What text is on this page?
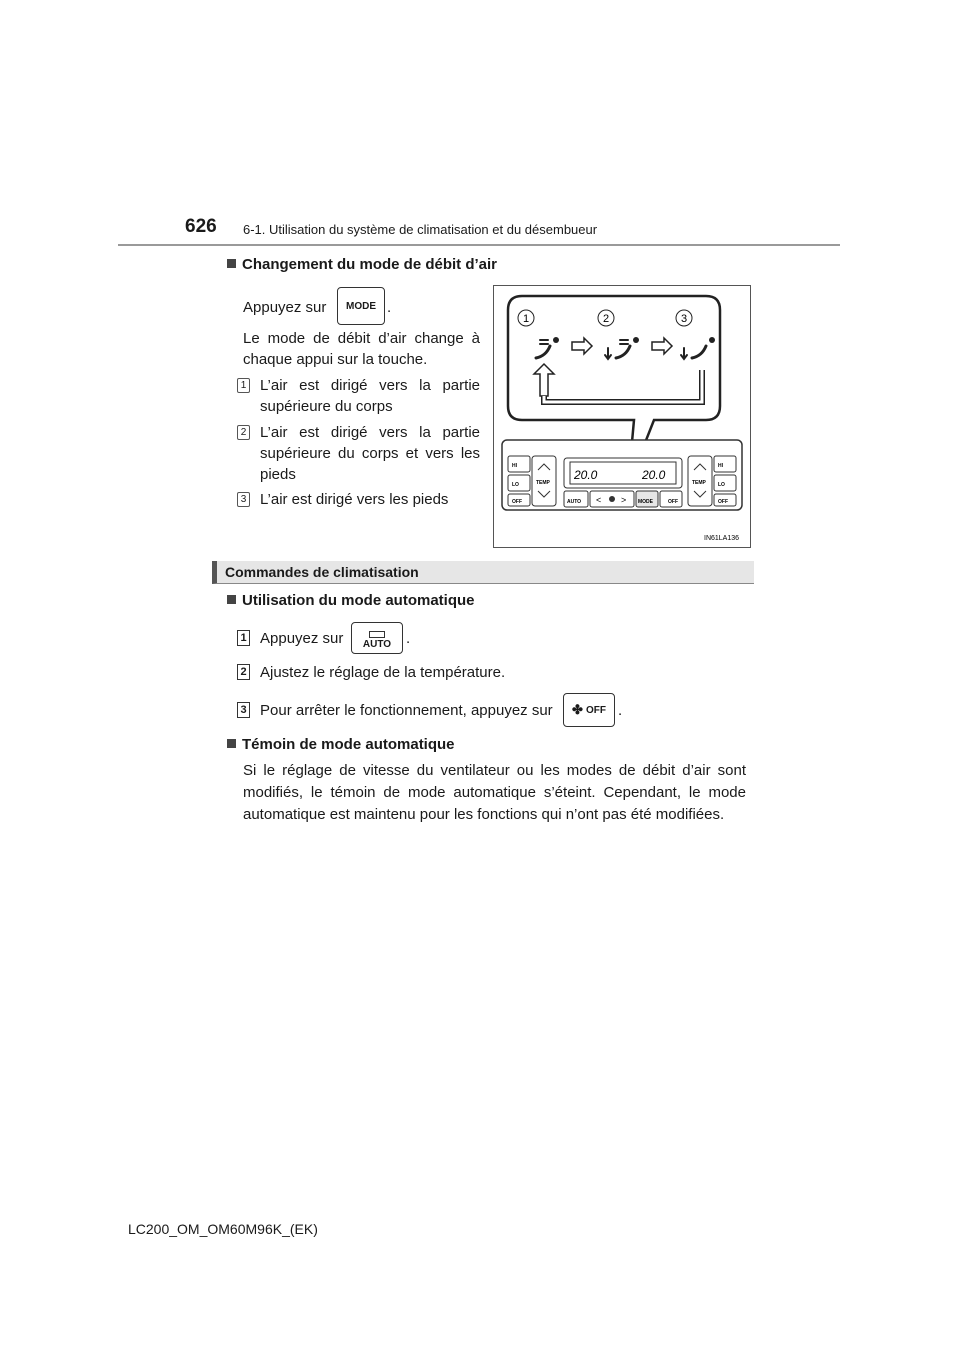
626 6-1. Utilisation du système de climatisation et du désembueur
Changement du mode de débit d’air
Appuyez sur MODE .
Le mode de débit d’air change à chaque appui sur la touche.
1 L’air est dirigé vers la partie supérieure du corps
2 L’air est dirigé vers la partie supérieure du corps et vers les pieds
3 L’air est dirigé vers les pieds
1	2	3
HI
LO
OFF
TEMP
20.0	20.0
AUTO < > MODE	OFF
TEMP
HI
LO
OFF
IN61LA136
Commandes de climatisation
Utilisation du mode automatique
1 Appuyez sur AUTO .
2 Ajustez le réglage de la température.
3 Pour arrêter le fonctionnement, appuyez sur ✤ OFF .
Témoin de mode automatique
Si le réglage de vitesse du ventilateur ou les modes de débit d’air sont modifiés, le témoin de mode automatique s’éteint. Cependant, le mode automatique est maintenu pour les fonctions qui n’ont pas été modifiées.
LC200_OM_OM60M96K_(EK)
